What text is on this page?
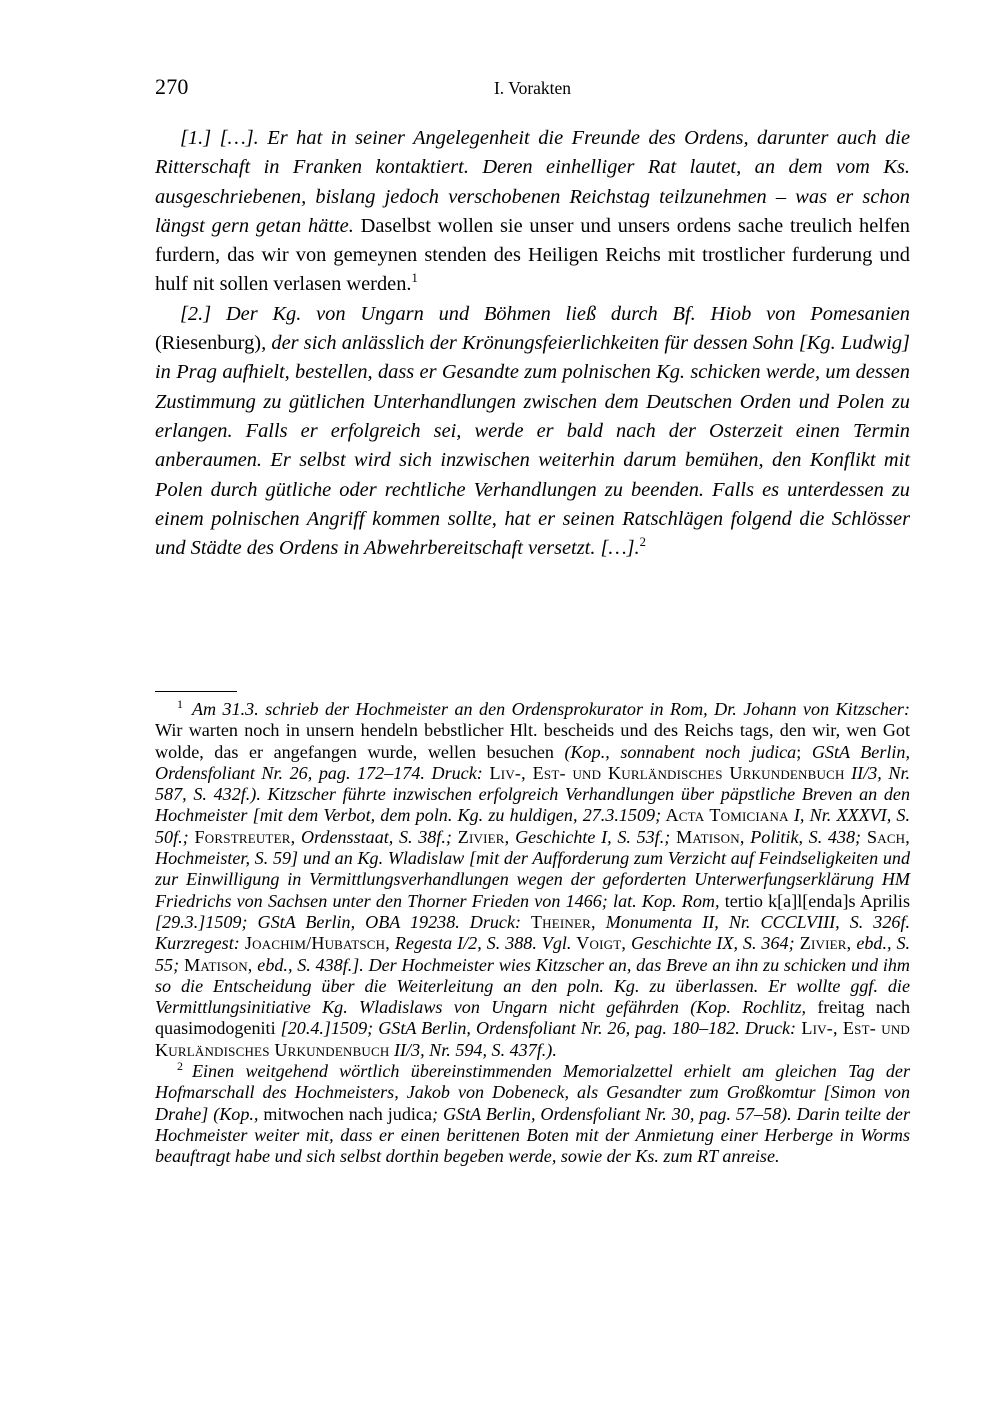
270	I. Vorakten

[1.] […]. Er hat in seiner Angelegenheit die Freunde des Ordens, darunter auch die Ritterschaft in Franken kontaktiert. Deren einhelliger Rat lautet, an dem vom Ks. ausgeschriebenen, bislang jedoch verschobenen Reichstag teilzunehmen – was er schon längst gern getan hätte. Daselbst wollen sie unser und unsers ordens sache treulich helfen furdern, das wir von gemeynen stenden des Heiligen Reichs mit trostlicher furderung und hulf nit sollen verlasen werden.$^1$

[2.] Der Kg. von Ungarn und Böhmen ließ durch Bf. Hiob von Pomesanien (Riesenburg), der sich anlässlich der Krönungsfeierlichkeiten für dessen Sohn [Kg. Ludwig] in Prag aufhielt, bestellen, dass er Gesandte zum polnischen Kg. schicken werde, um dessen Zustimmung zu gütlichen Unterhandlungen zwischen dem Deutschen Orden und Polen zu erlangen. Falls er erfolgreich sei, werde er bald nach der Osterzeit einen Termin anberaumen. Er selbst wird sich inzwischen weiterhin darum bemühen, den Konflikt mit Polen durch gütliche oder rechtliche Verhandlungen zu beenden. Falls es unterdessen zu einem polnischen Angriff kommen sollte, hat er seinen Ratschlägen folgend die Schlösser und Städte des Ordens in Abwehrbereitschaft versetzt. […].$^2$

$^1$ Am 31.3. schrieb der Hochmeister an den Ordensprokurator in Rom, Dr. Johann von Kitzscher: Wir warten noch in unsern hendeln bebstlicher Hlt. bescheids und des Reichs tags, den wir, wen Got wolde, das er angefangen wurde, wellen besuchen (Kop., sonnabent noch judica; GStA Berlin, Ordensfoliant Nr. 26, pag. 172–174. Druck: Liv-, Est- und Kurländisches Urkundenbuch II/3, Nr. 587, S. 432f.). Kitzscher führte inzwischen erfolgreich Verhandlungen über päpstliche Breven an den Hochmeister [mit dem Verbot, dem poln. Kg. zu huldigen, 27.3.1509; Acta Tomiciana I, Nr. XXXVI, S. 50f.; Forstreuter, Ordensstaat, S. 38f.; Zivier, Geschichte I, S. 53f.; Matison, Politik, S. 438; Sach, Hochmeister, S. 59] und an Kg. Wladislaw [mit der Aufforderung zum Verzicht auf Feindseligkeiten und zur Einwilligung in Vermittlungsverhandlungen wegen der geforderten Unterwerfungserklärung HM Friedrichs von Sachsen unter den Thorner Frieden von 1466; lat. Kop. Rom, tertio k[a]l[enda]s Aprilis [29.3.]1509; GStA Berlin, OBA 19238. Druck: Theiner, Monumenta II, Nr. CCCLVIII, S. 326f. Kurzregest: Joachim/Hubatsch, Regesta I/2, S. 388. Vgl. Voigt, Geschichte IX, S. 364; Zivier, ebd., S. 55; Matison, ebd., S. 438f.]. Der Hochmeister wies Kitzscher an, das Breve an ihn zu schicken und ihm so die Entscheidung über die Weiterleitung an den poln. Kg. zu überlassen. Er wollte ggf. die Vermittlungsinitiative Kg. Wladislaws von Ungarn nicht gefährden (Kop. Rochlitz, freitag nach quasimodogeniti [20.4.]1509; GStA Berlin, Ordensfoliant Nr. 26, pag. 180–182. Druck: Liv-, Est- und Kurländisches Urkundenbuch II/3, Nr. 594, S. 437f.).

$^2$ Einen weitgehend wörtlich übereinstimmenden Memorialzettel erhielt am gleichen Tag der Hofmarschall des Hochmeisters, Jakob von Dobeneck, als Gesandter zum Großkomtur [Simon von Drahe] (Kop., mitwochen nach judica; GStA Berlin, Ordensfoliant Nr. 30, pag. 57–58). Darin teilte der Hochmeister weiter mit, dass er einen berittenen Boten mit der Anmietung einer Herberge in Worms beauftragt habe und sich selbst dorthin begeben werde, sowie der Ks. zum RT anreise.
